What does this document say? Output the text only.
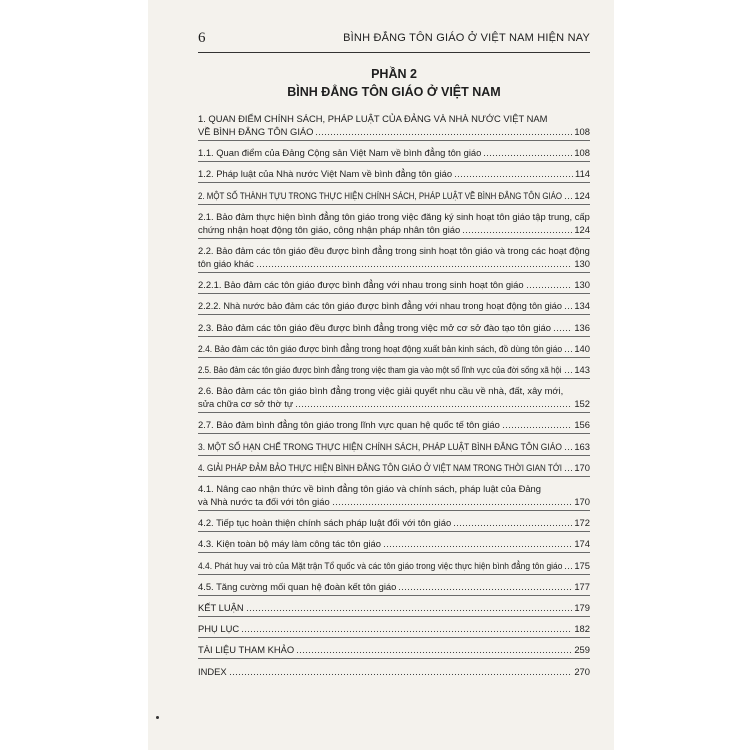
6	BÌNH ĐẲNG TÔN GIÁO Ở VIỆT NAM HIỆN NAY
PHẦN 2
BÌNH ĐẲNG TÔN GIÁO Ở VIỆT NAM
1. QUAN ĐIỂM CHÍNH SÁCH, PHÁP LUẬT CỦA ĐẢNG VÀ NHÀ NƯỚC VIỆT NAM
VỀ BÌNH ĐẲNG TÔN GIÁO	108
1.1. Quan điểm của Đảng Cộng sản Việt Nam về bình đẳng tôn giáo	108
1.2. Pháp luật của Nhà nước Việt Nam về bình đẳng tôn giáo	114
2. MỘT SỐ THÀNH TỰU TRONG THỰC HIỆN CHÍNH SÁCH, PHÁP LUẬT VỀ BÌNH ĐẲNG TÔN GIÁO 124
2.1. Bảo đảm thực hiện bình đẳng tôn giáo trong việc đăng ký sinh hoạt tôn giáo tập trung, cấp
chứng nhận hoạt động tôn giáo, công nhận pháp nhân tôn giáo	124
2.2. Bảo đảm các tôn giáo đều được bình đẳng trong sinh hoạt tôn giáo và trong các hoạt động
tôn giáo khác	130
2.2.1. Bảo đảm các tôn giáo được bình đẳng với nhau trong sinh hoạt tôn giáo	130
2.2.2. Nhà nước bảo đảm các tôn giáo được bình đẳng với nhau trong hoạt động tôn giáo 134
2.3. Bảo đảm các tôn giáo đều được bình đẳng trong việc mở cơ sở đào tạo tôn giáo 136
2.4. Bảo đảm các tôn giáo được bình đẳng trong hoạt động xuất bản kinh sách, đồ dùng tôn giáo 140
2.5. Bảo đảm các tôn giáo được bình đẳng trong việc tham gia vào một số lĩnh vực của đời sống xã hội 143
2.6. Bảo đảm các tôn giáo bình đẳng trong việc giải quyết nhu cầu về nhà, đất, xây mới,
sửa chữa cơ sở thờ tự	152
2.7. Bảo đảm bình đẳng tôn giáo trong lĩnh vực quan hệ quốc tế tôn giáo	156
3. MỘT SỐ HẠN CHẾ TRONG THỰC HIỆN CHÍNH SÁCH, PHÁP LUẬT BÌNH ĐẲNG TÔN GIÁO 163
4. GIẢI PHÁP ĐẢM BẢO THỰC HIỆN BÌNH ĐẲNG TÔN GIÁO Ở VIỆT NAM TRONG THỜI GIAN TỚI 170
4.1. Nâng cao nhận thức về bình đẳng tôn giáo và chính sách, pháp luật của Đảng
và Nhà nước ta đối với tôn giáo	170
4.2. Tiếp tục hoàn thiện chính sách pháp luật đối với tôn giáo	172
4.3. Kiện toàn bộ máy làm công tác tôn giáo	174
4.4. Phát huy vai trò của Mặt trận Tổ quốc và các tôn giáo trong việc thực hiện bình đẳng tôn giáo 175
4.5. Tăng cường mối quan hệ đoàn kết tôn giáo	177
KẾT LUẬN	179
PHỤ LỤC	182
TÀI LIỆU THAM KHẢO	259
INDEX	270
